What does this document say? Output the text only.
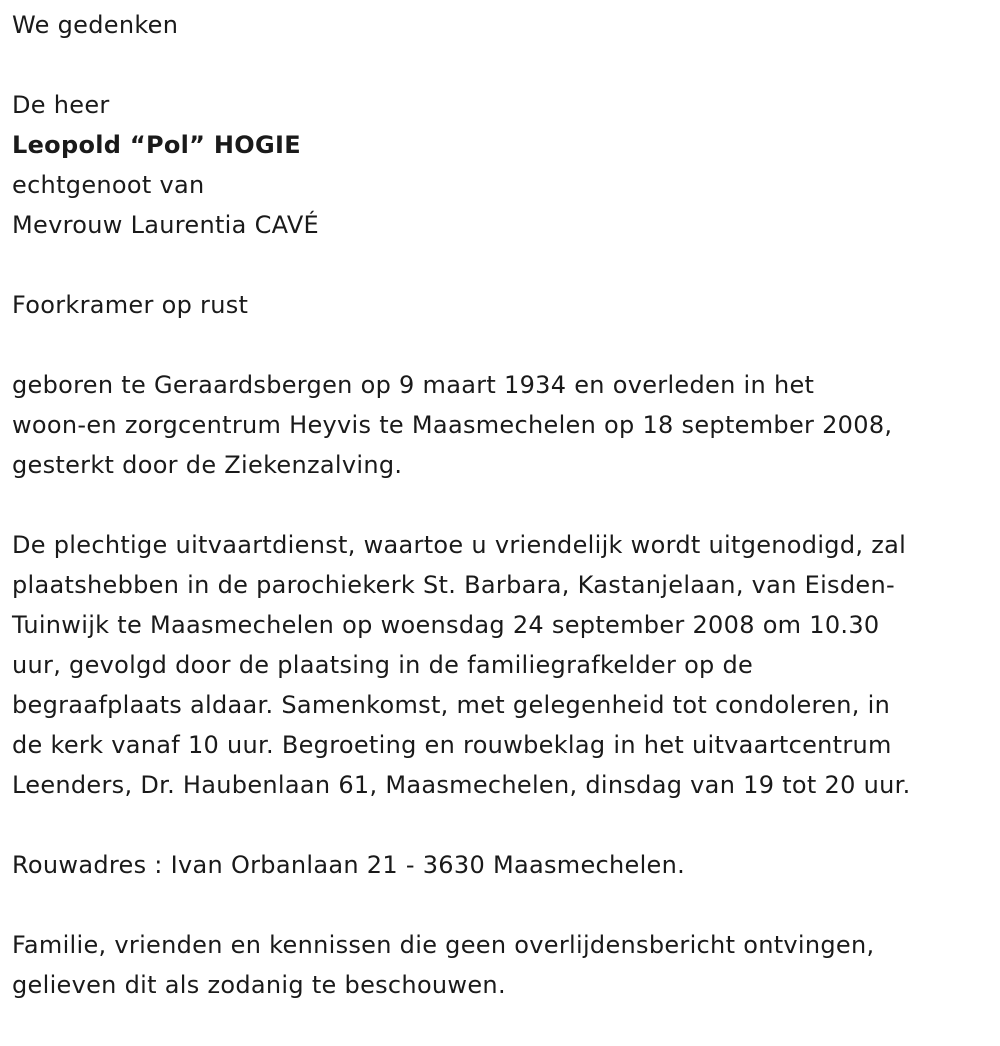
We gedenken
De heer
Leopold “Pol” HOGIE
echtgenoot van
Mevrouw Laurentia CAVÉ
Foorkramer op rust
geboren te Geraardsbergen op 9 maart 1934 en overleden in het
woon-en zorgcentrum Heyvis te Maasmechelen op 18 september 2008,
gesterkt door de Ziekenzalving.
De plechtige uitvaartdienst, waartoe u vriendelijk wordt uitgenodigd, zal
plaatshebben in de parochiekerk St. Barbara, Kastanjelaan, van Eisden-
Tuinwijk te Maasmechelen op woensdag 24 september 2008 om 10.30
uur, gevolgd door de plaatsing in de familiegrafkelder op de
begraafplaats aldaar. Samenkomst, met gelegenheid tot condoleren, in
de kerk vanaf 10 uur. Begroeting en rouwbeklag in het uitvaartcentrum
Leenders, Dr. Haubenlaan 61, Maasmechelen, dinsdag van 19 tot 20 uur.
Rouwadres : Ivan Orbanlaan 21 - 3630 Maasmechelen.
Familie, vrienden en kennissen die geen overlijdensbericht ontvingen,
gelieven dit als zodanig te beschouwen.
